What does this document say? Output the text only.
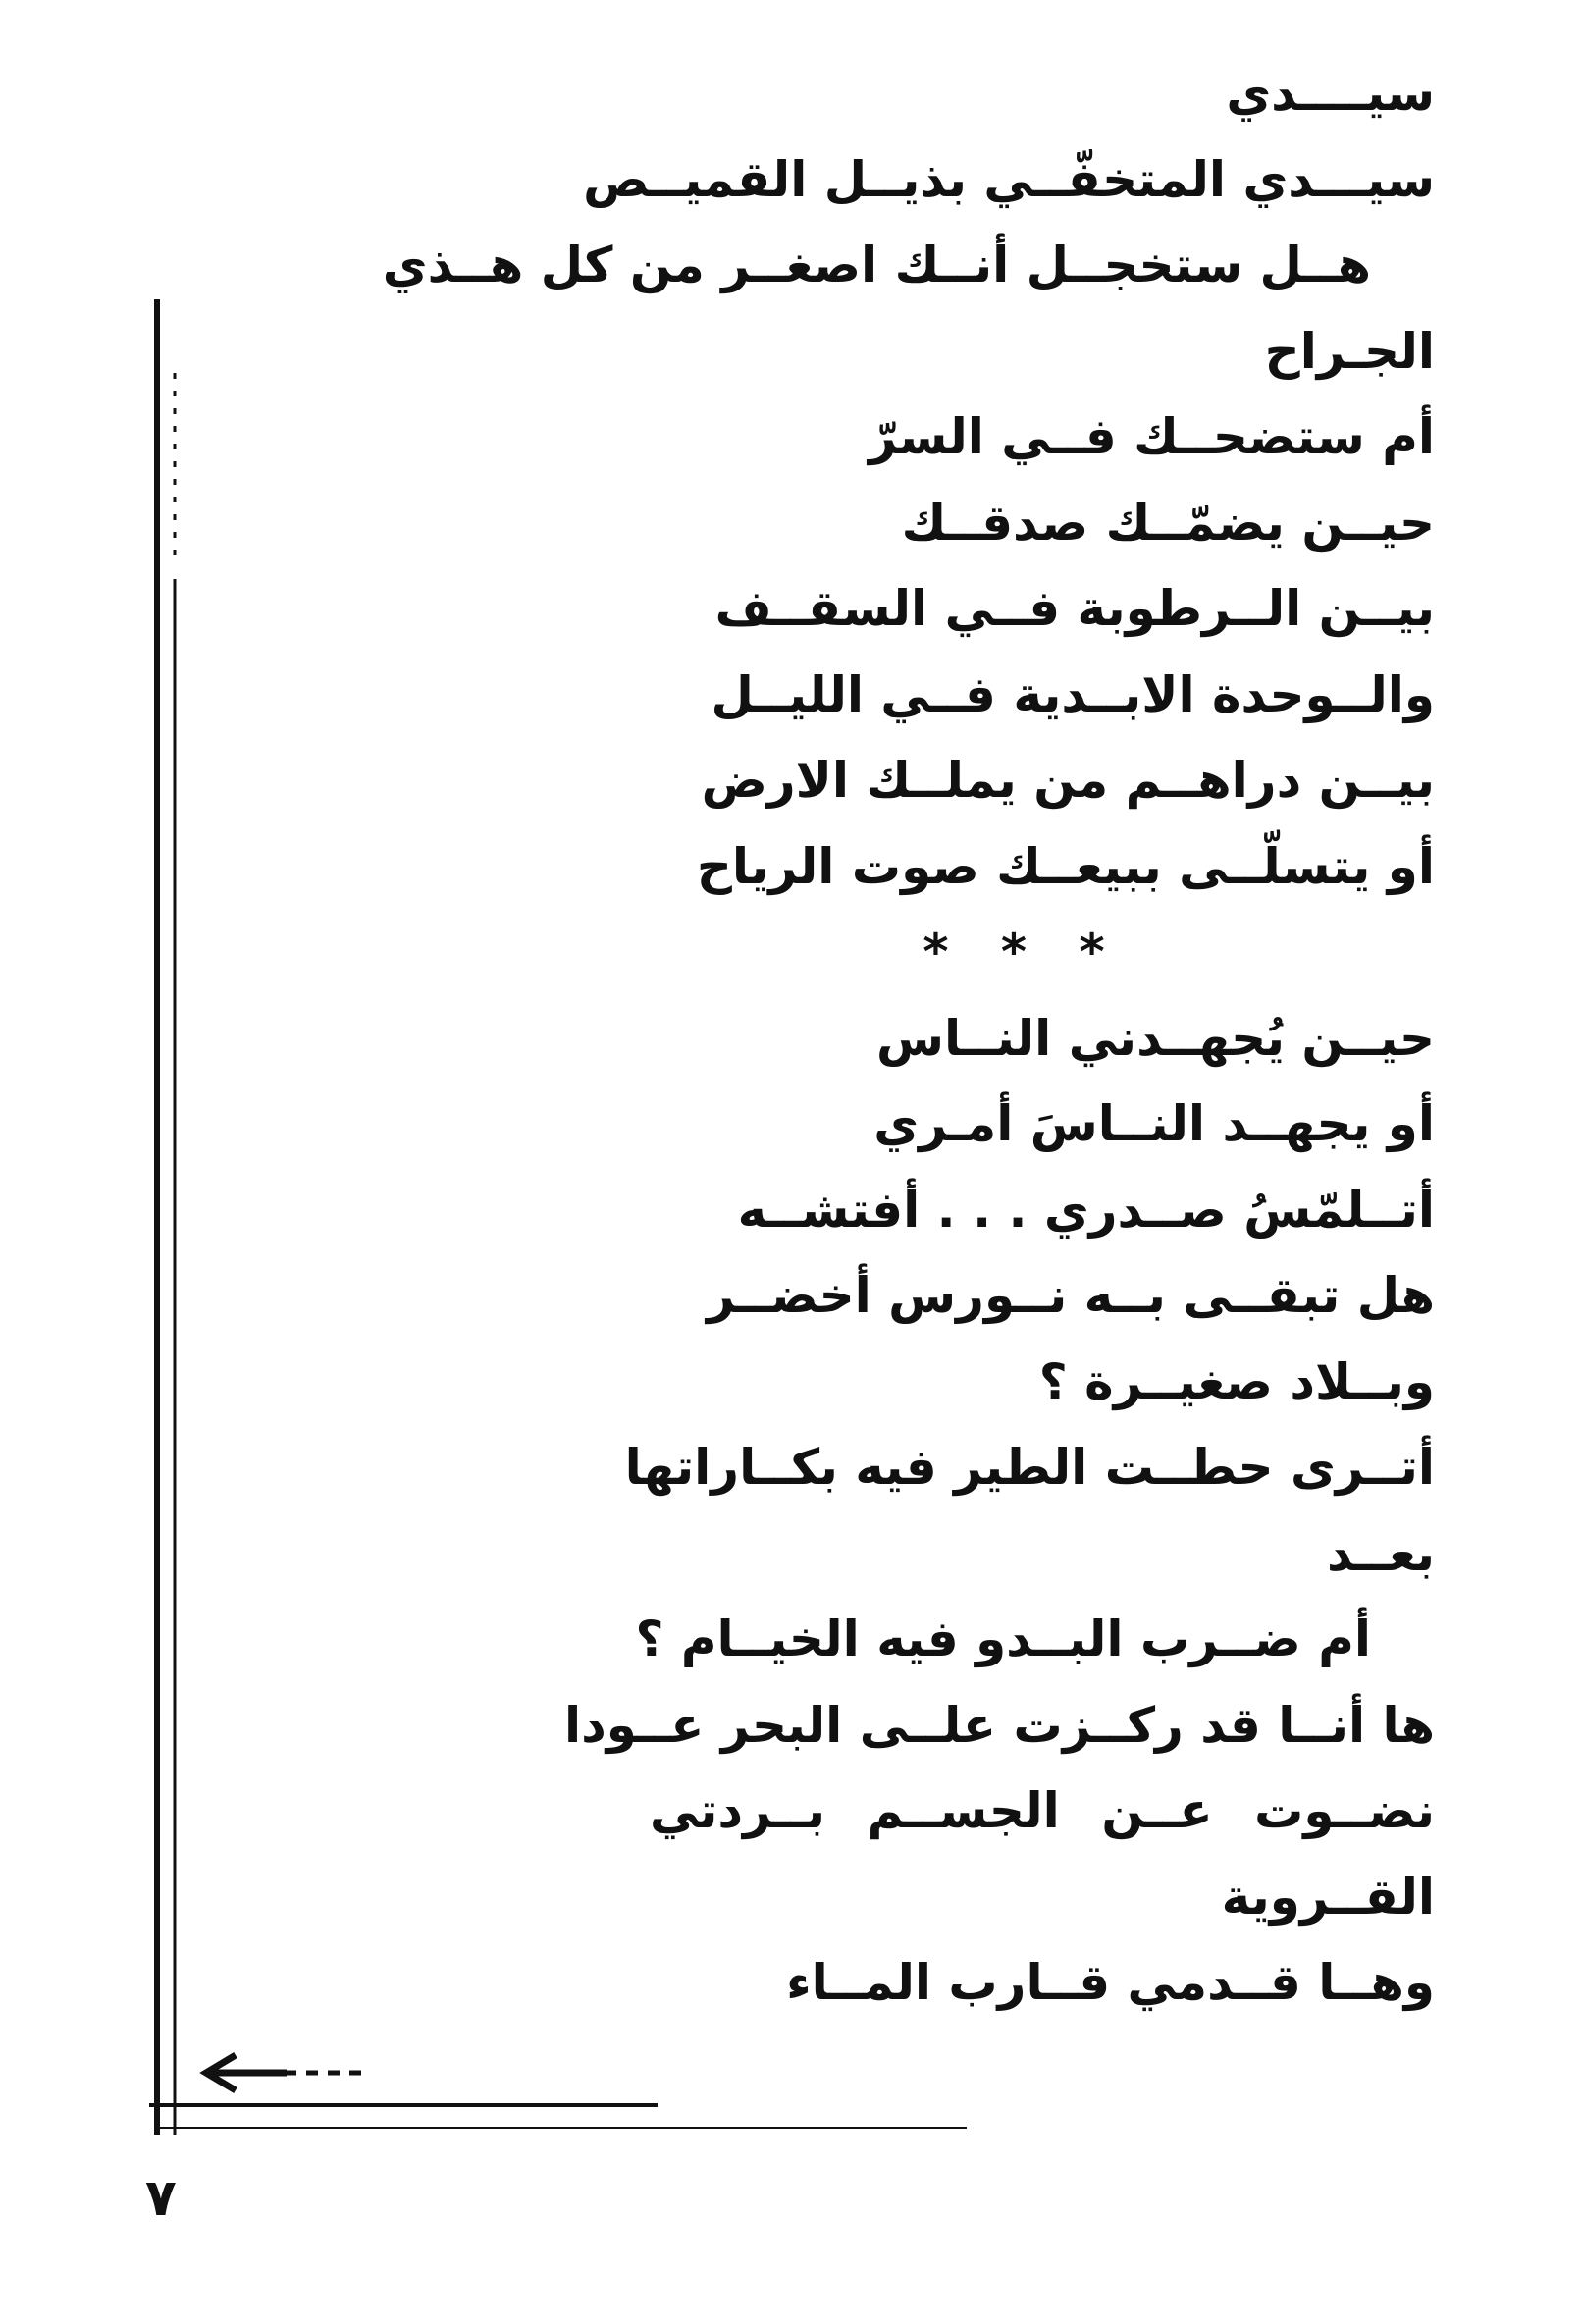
سيــــدي
سيـــدي المتخفّــي بذيــل القميــص
هــل ستخجــل أنــك اصغــر من كل هــذي
الجـراح
أم ستضحــك فــي السرّ
حيــن يضمّــك صدقــك
بيــن الــرطوبة فــي السقــف
والــوحدة الابــدية فــي الليــل
بيــن دراهــم من يملــك الارض
أو يتسلّــى ببيعــك صوت الرياح
* * *
حيــن يُجهــدني النــاس
أو يجهــد النــاسَ أمـري
أتــلمّسُ صــدري . . . أفتشــه
هل تبقــى بــه نــورس أخضــر
وبــلاد صغيــرة ؟
أتــرى حطــت الطير فيه بكــاراتها
بعــد
أم ضــرب البــدو فيه الخيــام ؟
ها أنــا قد ركــزت علــى البحر عــودا
نضــوت عــن الجســم بــردتي
القــروية
وهــا قــدمي قــارب المــاء
٧
